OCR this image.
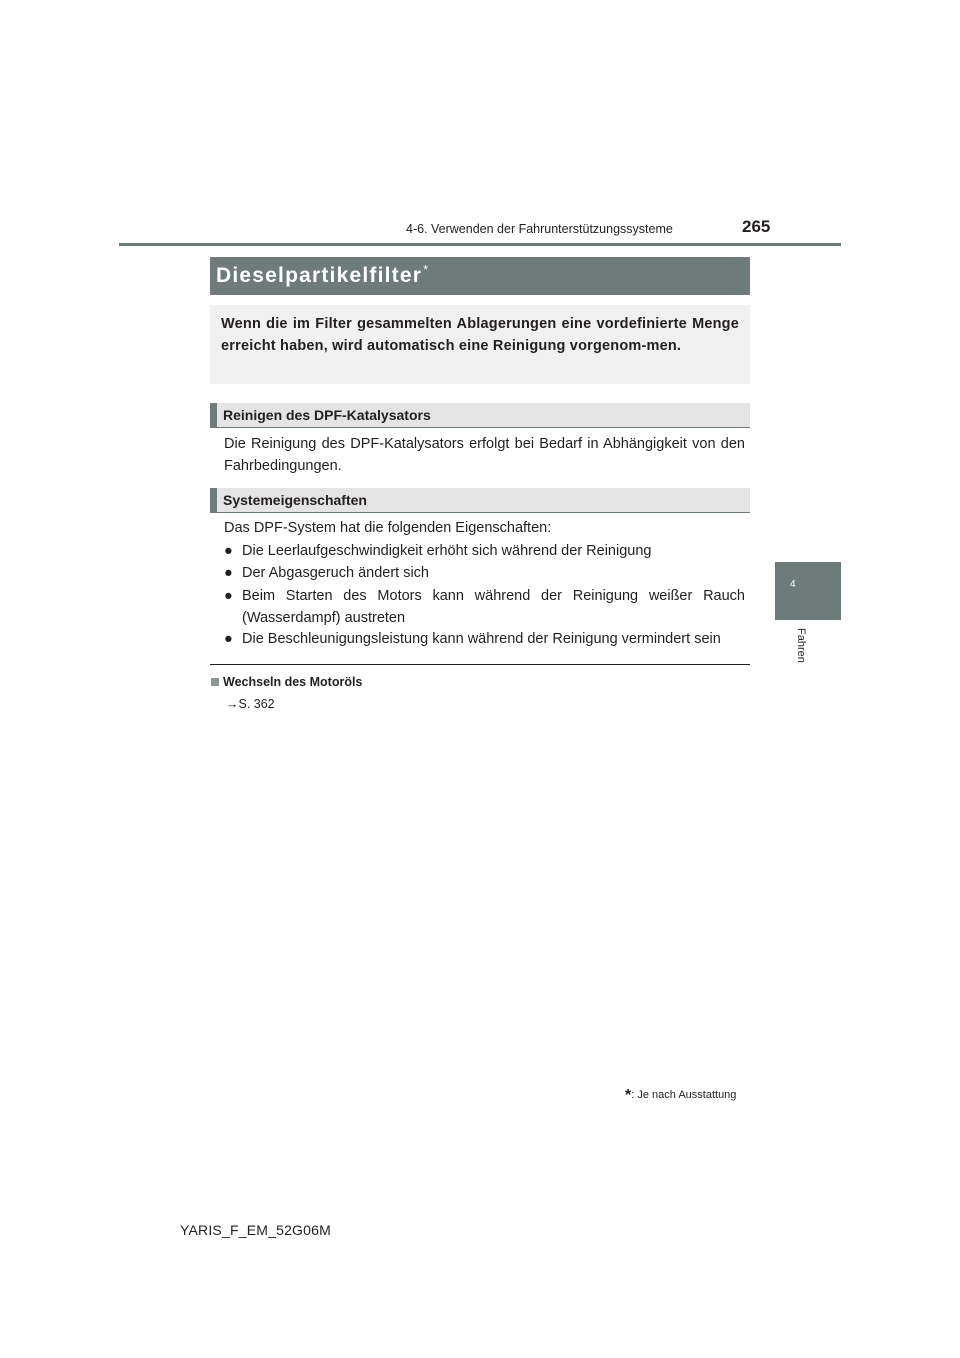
4-6. Verwenden der Fahrunterstützungssysteme	265
4
Fahren
Dieselpartikelfilter*
Wenn die im Filter gesammelten Ablagerungen eine vordefinierte Menge erreicht haben, wird automatisch eine Reinigung vorgenom-men.
Reinigen des DPF-Katalysators
Die Reinigung des DPF-Katalysators erfolgt bei Bedarf in Abhängigkeit von den Fahrbedingungen.
Systemeigenschaften
Das DPF-System hat die folgenden Eigenschaften:
● Die Leerlaufgeschwindigkeit erhöht sich während der Reinigung
● Der Abgasgeruch ändert sich
● Beim Starten des Motors kann während der Reinigung weißer Rauch (Wasserdampf) austreten
● Die Beschleunigungsleistung kann während der Reinigung vermindert sein
Wechseln des Motoröls
→S. 362
*: Je nach Ausstattung
YARIS_F_EM_52G06M
